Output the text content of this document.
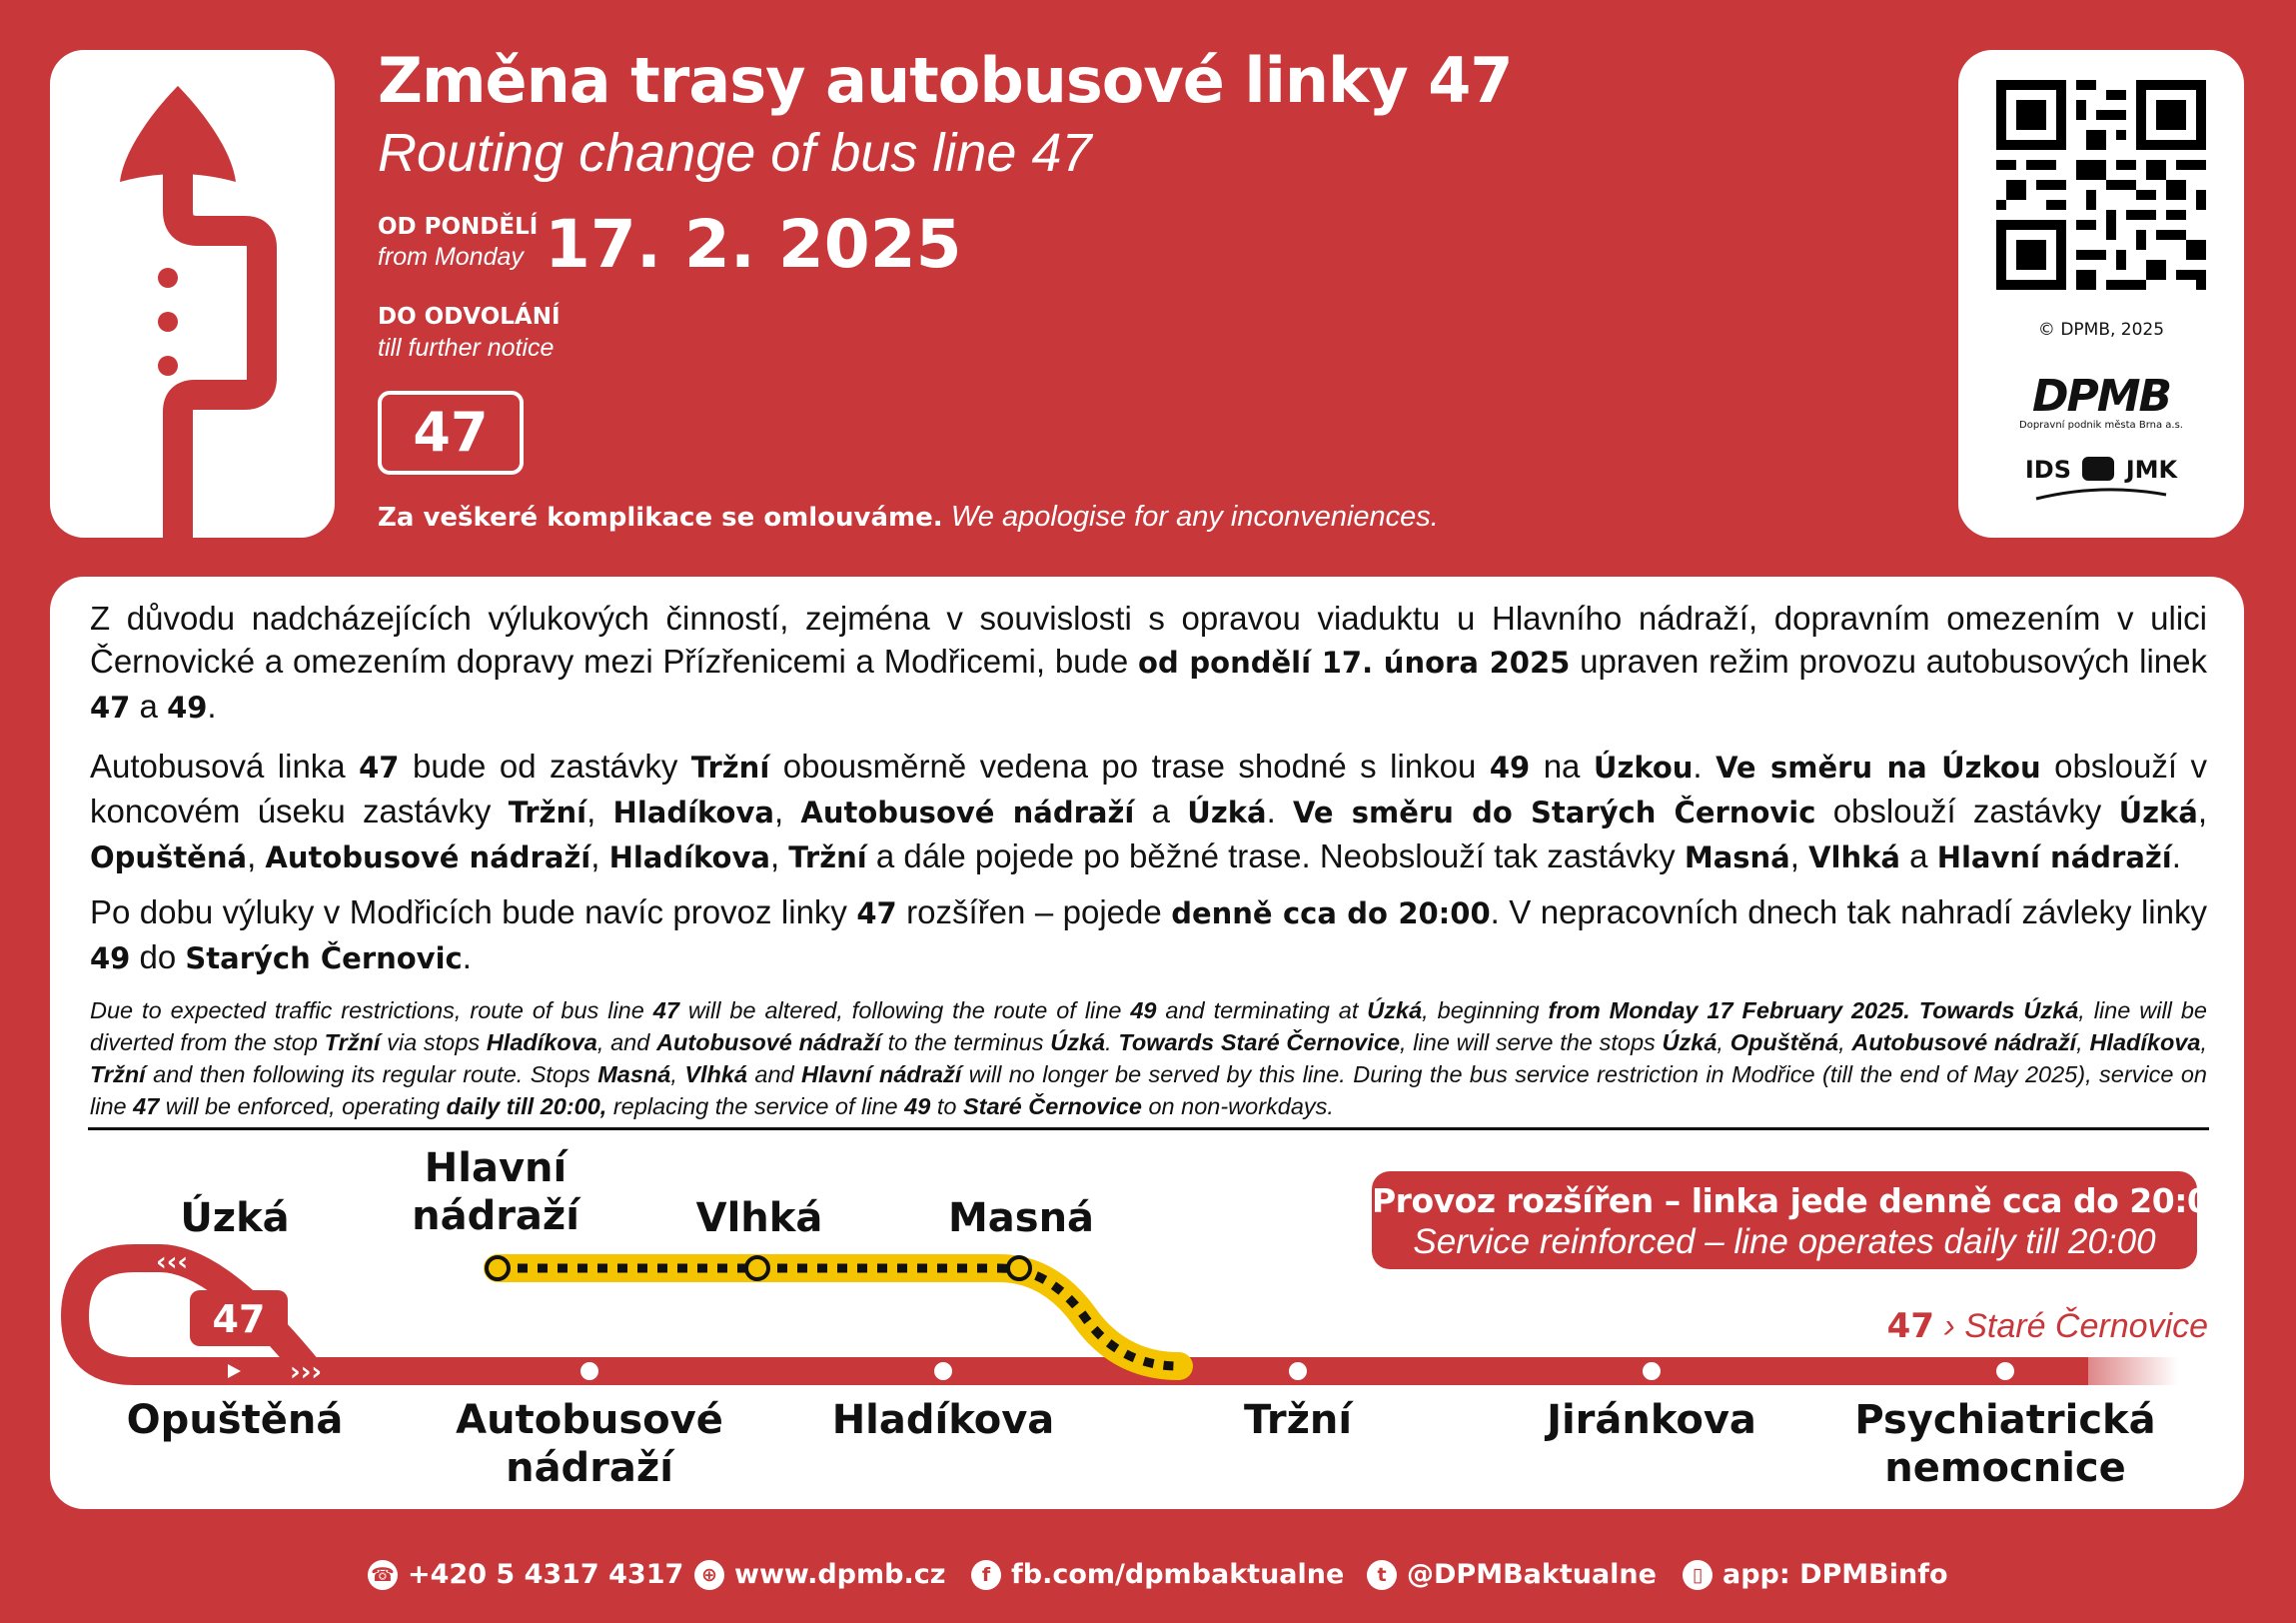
Změna trasy autobusové linky 47
Routing change of bus line 47
OD PONDĚLÍ
from Monday 17. 2. 2025
DO ODVOLÁNÍ
till further notice
47
Za veškeré komplikace se omlouváme. We apologise for any inconveniences.
© DPMB, 2025
DPMB
Dopravní podnik města Brna a.s.
IDS JMK

Z důvodu nadcházejících výlukových činností, zejména v souvislosti s opravou viaduktu u Hlavního nádraží, dopravním omezením v ulici Černovické a omezením dopravy mezi Přízřenicemi a Modřicemi, bude od pondělí 17. února 2025 upraven režim provozu autobusových linek 47 a 49.

Autobusová linka 47 bude od zastávky Tržní obousměrně vedena po trase shodné s linkou 49 na Úzkou. Ve směru na Úzkou obslouží v koncovém úseku zastávky Tržní, Hladíkova, Autobusové nádraží a Úzká. Ve směru do Starých Černovic obslouží zastávky Úzká, Opuštěná, Autobusové nádraží, Hladíkova, Tržní a dále pojede po běžné trase. Neobslouží tak zastávky Masná, Vlhká a Hlavní nádraží.

Po dobu výluky v Modřicích bude navíc provoz linky 47 rozšířen – pojede denně cca do 20:00. V nepracovních dnech tak nahradí závleky linky 49 do Starých Černovic.

Due to expected traffic restrictions, route of bus line 47 will be altered, following the route of line 49 and terminating at Úzká, beginning from Monday 17 February 2025. Towards Úzká, line will be diverted from the stop Tržní via stops Hladíkova, and Autobusové nádraží to the terminus Úzká. Towards Staré Černovice, line will serve the stops Úzká, Opuštěná, Autobusové nádraží, Hladíkova, Tržní and then following its regular route. Stops Masná, Vlhká and Hlavní nádraží will no longer be served by this line. During the bus service restriction in Modřice (till the end of May 2025), service on line 47 will be enforced, operating daily till 20:00, replacing the service of line 49 to Staré Černovice on non-workdays.

47
‹‹‹
›››
Úzká
Hlavní
nádraží	Vlhká	Masná
Opuštěná	Autobusové
nádraží
Hladíkova	Tržní	Jiránkova Psychiatrická
nemocnice
Provoz rozšířen – linka jede denně cca do 20:00
Service reinforced – line operates daily till 20:00
47 › Staré Černovice
☎ +420 5 4317 4317 ⊕ www.dpmb.cz	f fb.com/dpmbaktualne	t @DPMBaktualne	▯ app: DPMBinfo
